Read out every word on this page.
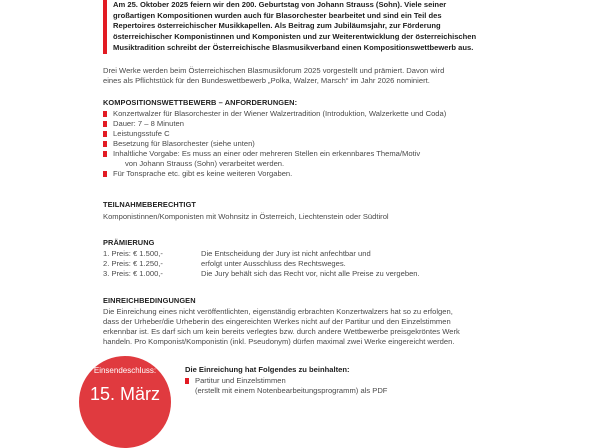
Am 25. Oktober 2025 feiern wir den 200. Geburtstag von Johann Strauss (Sohn). Viele seiner
großartigen Kompositionen wurden auch für Blasorchester bearbeitet und sind ein Teil des
Repertoires österreichischer Musikkapellen. Als Beitrag zum Jubiläumsjahr, zur Förderung
österreichischer Komponistinnen und Komponisten und zur Weiterentwicklung der österreichischen
Musiktradition schreibt der Österreichische Blasmusikverband einen Kompositionswettbewerb aus.
Drei Werke werden beim Österreichischen Blasmusikforum 2025 vorgestellt und prämiert. Davon wird
eines als Pflichtstück für den Bundeswettbewerb „Polka, Walzer, Marsch“ im Jahr 2026 nominiert.
KOMPOSITIONSWETTBEWERB – ANFORDERUNGEN:
Konzertwalzer für Blasorchester in der Wiener Walzertradition (Introduktion, Walzerkette und Coda)
Dauer: 7 – 8 Minuten
Leistungsstufe C
Besetzung für Blasorchester (siehe unten)
Inhaltliche Vorgabe: Es muss an einer oder mehreren Stellen ein erkennbares Thema/Motiv
von Johann Strauss (Sohn) verarbeitet werden.
Für Tonsprache etc. gibt es keine weiteren Vorgaben.
TEILNAHMEBERECHTIGT
Komponistinnen/Komponisten mit Wohnsitz in Österreich, Liechtenstein oder Südtirol
PRÄMIERUNG
1. Preis: € 1.500,-	Die Entscheidung der Jury ist nicht anfechtbar und
2. Preis: € 1.250,-	erfolgt unter Ausschluss des Rechtsweges.
3. Preis: € 1.000,-	Die Jury behält sich das Recht vor, nicht alle Preise zu vergeben.
EINREICHBEDINGUNGEN
Die Einreichung eines nicht veröffentlichten, eigenständig erbrachten Konzertwalzers hat so zu erfolgen,
dass der Urheber/die Urheberin des eingereichten Werkes nicht auf der Partitur und den Einzelstimmen
erkennbar ist. Es darf sich um kein bereits verlegtes bzw. durch andere Wettbewerbe preisgekröntes Werk
handeln. Pro Komponist/Komponistin (inkl. Pseudonym) dürfen maximal zwei Werke eingereicht werden.
Einsendeschluss:
15. März
Die Einreichung hat Folgendes zu beinhalten:
Partitur und Einzelstimmen
(erstellt mit einem Notenbearbeitungsprogramm) als PDF
